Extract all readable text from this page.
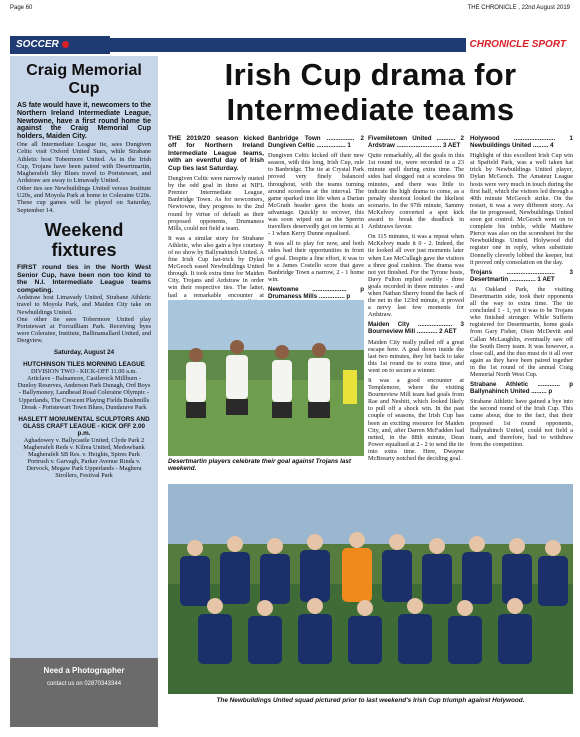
Page 60	THE CHRONICLE , 22nd August 2019
SOCCER	CHRONICLE SPORT
Craig Memorial Cup

AS fate would have it, newcomers to the Northern Ireland Intermediate League, Newtowne, have a first round home tie against the Craig Memorial Cup holders, Maiden City.

One all Intermediate League tie, sees Dungiven Celtic visit Oxford United Stars, while Strabane Athletic host Tobermore United. As in the Irish Cup, Trojans have been paired with Desertmartin, Magherafelt Sky Blues travel to Portstewart, and Ardstraw are away to Limavady United.

Other ties see Newbuildings United versus Institute U20s, and Moyola Park at home to Coleraine U20s. These cup games will be played on Saturday, September 14.

Weekend fixtures

FIRST round ties in the North West Senior Cup, have been non too kind to the N.I. Intermediate League teams competing.

Ardstraw host Limavady United, Strabane Athletic travel to Moyola Park, and Maiden City take on Newbuildings United.

One other tie sees Tobermore United play Portstewart at Forcuilliam Park. Receiving byes were Coleraine, Institute, Ballinamallard United, and Dergview.

Saturday, August 24

HUTCHINSON TILES MORNING LEAGUE

DIVISION TWO - KICK-OFF 11.00 a.m.

Articlave - Balnamore, Castlerock Millburn - Dunloy Reserves, Anderson Park Dunagh, Ord Boys - Ballymoney, Landhead Road Coleraine Olympic - Upperlands, The Crescent Playing Fields Bushmills Dreak - Portstewart Town Blues, Dundarave Park

HASLETT MONUMENTAL SCULPTORS AND GLASS CRAFT LEAGUE - KICK OFF 2.00 p.m.

Aghadowey v. Ballycastle United, Clyde Park 2 Magherafelt Reds v. Kilrea United, Medowbank Magherafelt SB Res. v. Heights, Spires Park Portrush v. Garvagh, Parker Avenue Rinda v. Dervock, Megaw Park Upperlands - Maghera Strollers, Festival Park

Need a Photographer
contact us on 02870343344
Irish Cup drama for Intermediate teams

THE 2019/20 season kicked off for Northern Ireland Intermediate League teams, with an eventful day of Irish Cup ties last Saturday.

Dungiven Celtic were narrowly ousted by the odd goal in three at NIFL Premier Intermediate League, Banbridge Town. As for newcomers, Newtowne, they progress to the 2nd round by virtue of default as their proposed opponents, Drumaness Mills, could not field a team.

It was a similar story for Strabane Athletic, who also gain a bye courtesy of no show by Ballynahinch United. A fine Irish Cup hat-trick by Dylan McGeoch eased Newbuildings United through. It took extra time for Maiden City, Trojans and Ardstraw in order win their respective ties. The latter, had a remarkable encounter at

Banbridge Town ................ 2 Dungiven Celtic ................. 1

Dungiven Celtic kicked off their new season, with this long, Irish Cup, rule to Banbridge. The tie at Crystal Park proved very finely balanced throughout, with the teams turning around scoreless at the interval. The game sparked into life when a Darian McGrath header gave the hosts an advantage. Quickly to recover, this was soon wiped out as the Sperrin travellers deservedly got on terms at 1 - 1 when Kerry Dunne equalised.

It was all to play for now, and both sides had their opportunities in front of goal. Despite a fine effort, it was to be a James Costello score that gave Banbridge Town a narrow, 2 - 1 home win.

Newtowne .................... p Drumaness Mills ............... p

Fivemiletown United ........... 2 Ardstraw .......................... 3 AET

Quite remarkably, all the goals in this 1st round tie, were recorded in a 23 minute spell during extra time. The sides had slogged out a scoreless 90 minutes, and there was little to indicate the high drama to come, as a penalty shootout looked the likeliest scenario. In the 97th minute, Sammy McKelvey converted a spot kick award to break the deadlock in Ardstraws favour.

On 115 minutes, it was a repeat when McKelvey made it 0 - 2. Indeed, the tie looked all over just moments later when Lee McCullagh gave the visitors a three goal cushion. The drama was not yet finished. For the Tyrone hosts, Davy Fulton replied swiftly - three goals recorded in three minutes - and when Nathan Sherry found the back of the net in the 123rd minute, it proved a nervy last few moments for Ardstraw.

Maiden City .................... 3 Bourneview Mill ............ 2 AET

Maiden City really pulled off a great escape here. A goal down inside the last two minutes, they hit back to take this 1st round tie to extra time, and went on to secure a winner.

It was a good encounter at Templemore, where the visiting Bourneview Mill team had goals from Rae and Nesbitt, which looked likely to pull off a shock win. In the past couple of seasons, the Irish Cup has been an exciting resource for Maiden City, and, after Darren McFadden had netted, in the 88th minute, Dean Power equalised at 2 - 2 to send the tie into extra time. Here, Dwayne McBrearty notched the deciding goal.

Holywood ........................ 1 Newbuildings United ......... 4

Highlight of this excellent Irish Cup win at Spafield Park, was a well taken hat trick by Newbuildings United player, Dylan McGeoch. The Amateur League hosts were very much in touch during the first half, which the visitors led through a 40th minute McGeoch strike. On the restart, it was a very different story. As the tie progressed, Newbuildings United soon got control. McGeoch went on to complete his treble, while Matthew Pierce was also on the scoresheet for the Newbuildings United. Holywood did register one in reply, when substitute Donnelly cleverly lobbed the keeper, but it proved only consolation on the day.

Trojans ............................ 3 Desertmartin ............... 1 AET

At Oakland Park, the visiting Desertmartin side, took their opponents all the way to extra time. The tie concluded 1 - 1, yet it was to be Trojans who finished stronger. While Sufferin registered for Desertmartin, home goals from Gary Fisher, Oisin McDevitt and Callan McLaughlin, eventually saw off the South Derry team. It was however, a close call, and the duo must do it all over again as they have been paired together in the 1st round of the annual Craig Memorial North West Cup.

Strabane Athletic ............. p Ballynahinch United ......... p

Strabane Athletic have gained a bye into the second round of the Irish Cup. This came about, due to the fact, that their proposed 1st round opponents, Ballynahinch United, could not field a team, and therefore, had to withdraw from the competition.

Desertmartin players celebrate their goal against Trojans last weekend.
The Newbuildings United squad pictured prior to last weekend's Irish Cup triumph against Holywood.
